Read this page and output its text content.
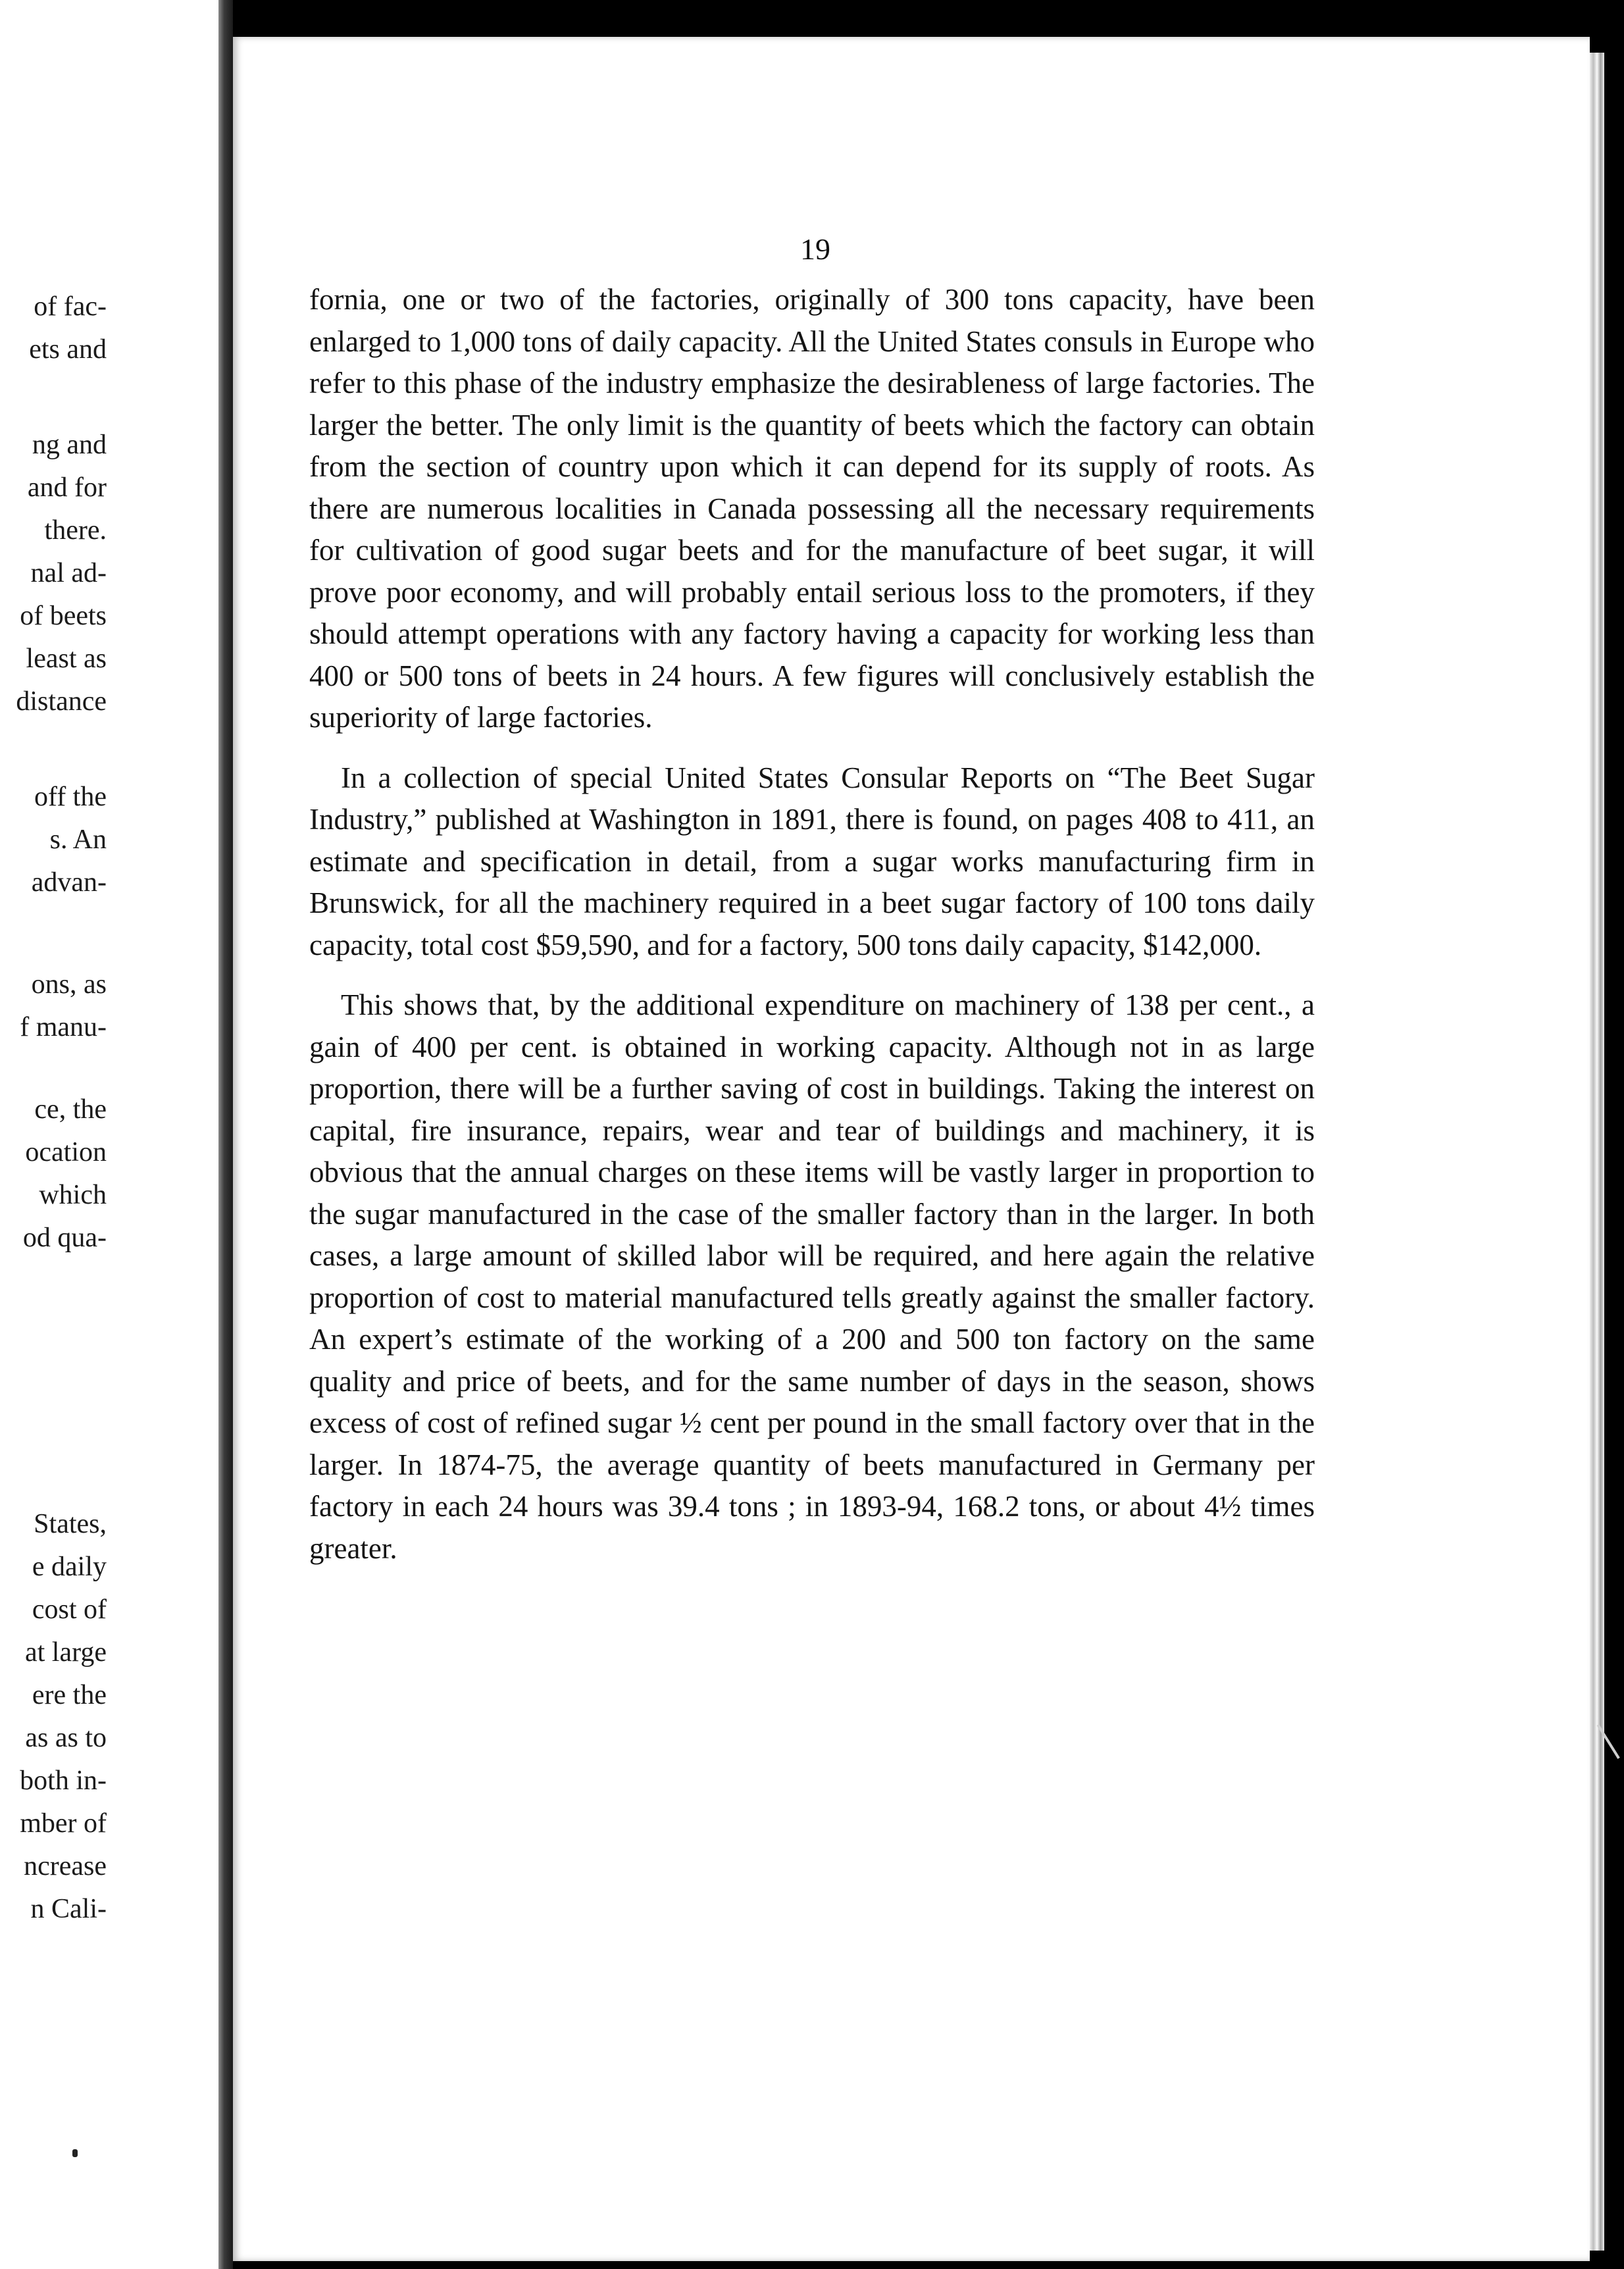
of fac-
ets and
ng and
and for
there.
nal ad-
of beets
least as
distance
off the
s. An
advan-
ons, as
f manu-
ce, the
ocation
which
od qua-
States,
e daily
cost of
at large
ere the
as as to
both in-
mber of
ncrease
n Cali-
19

fornia, one or two of the factories, originally of 300 tons capacity, have been enlarged to 1,000 tons of daily capacity. All the United States consuls in Europe who refer to this phase of the industry emphasize the desirableness of large factories. The larger the better. The only limit is the quantity of beets which the factory can obtain from the section of country upon which it can depend for its supply of roots. As there are numerous localities in Canada possessing all the necessary requirements for cultivation of good sugar beets and for the manufacture of beet sugar, it will prove poor economy, and will probably entail serious loss to the promoters, if they should attempt operations with any factory having a capacity for working less than 400 or 500 tons of beets in 24 hours. A few figures will conclusively establish the superiority of large factories.

In a collection of special United States Consular Reports on “The Beet Sugar Industry,” published at Washington in 1891, there is found, on pages 408 to 411, an estimate and specification in detail, from a sugar works manufacturing firm in Brunswick, for all the machinery required in a beet sugar factory of 100 tons daily capacity, total cost $59,590, and for a factory, 500 tons daily capacity, $142,000.

This shows that, by the additional expenditure on machinery of 138 per cent., a gain of 400 per cent. is obtained in working capacity. Although not in as large proportion, there will be a further saving of cost in buildings. Taking the interest on capital, fire insurance, repairs, wear and tear of buildings and machinery, it is obvious that the annual charges on these items will be vastly larger in proportion to the sugar manufactured in the case of the smaller factory than in the larger. In both cases, a large amount of skilled labor will be required, and here again the relative proportion of cost to material manufactured tells greatly against the smaller factory. An expert’s estimate of the working of a 200 and 500 ton factory on the same quality and price of beets, and for the same number of days in the season, shows excess of cost of refined sugar ½ cent per pound in the small factory over that in the larger. In 1874-75, the average quantity of beets manufactured in Germany per factory in each 24 hours was 39.4 tons ; in 1893-94, 168.2 tons, or about 4½ times greater.
